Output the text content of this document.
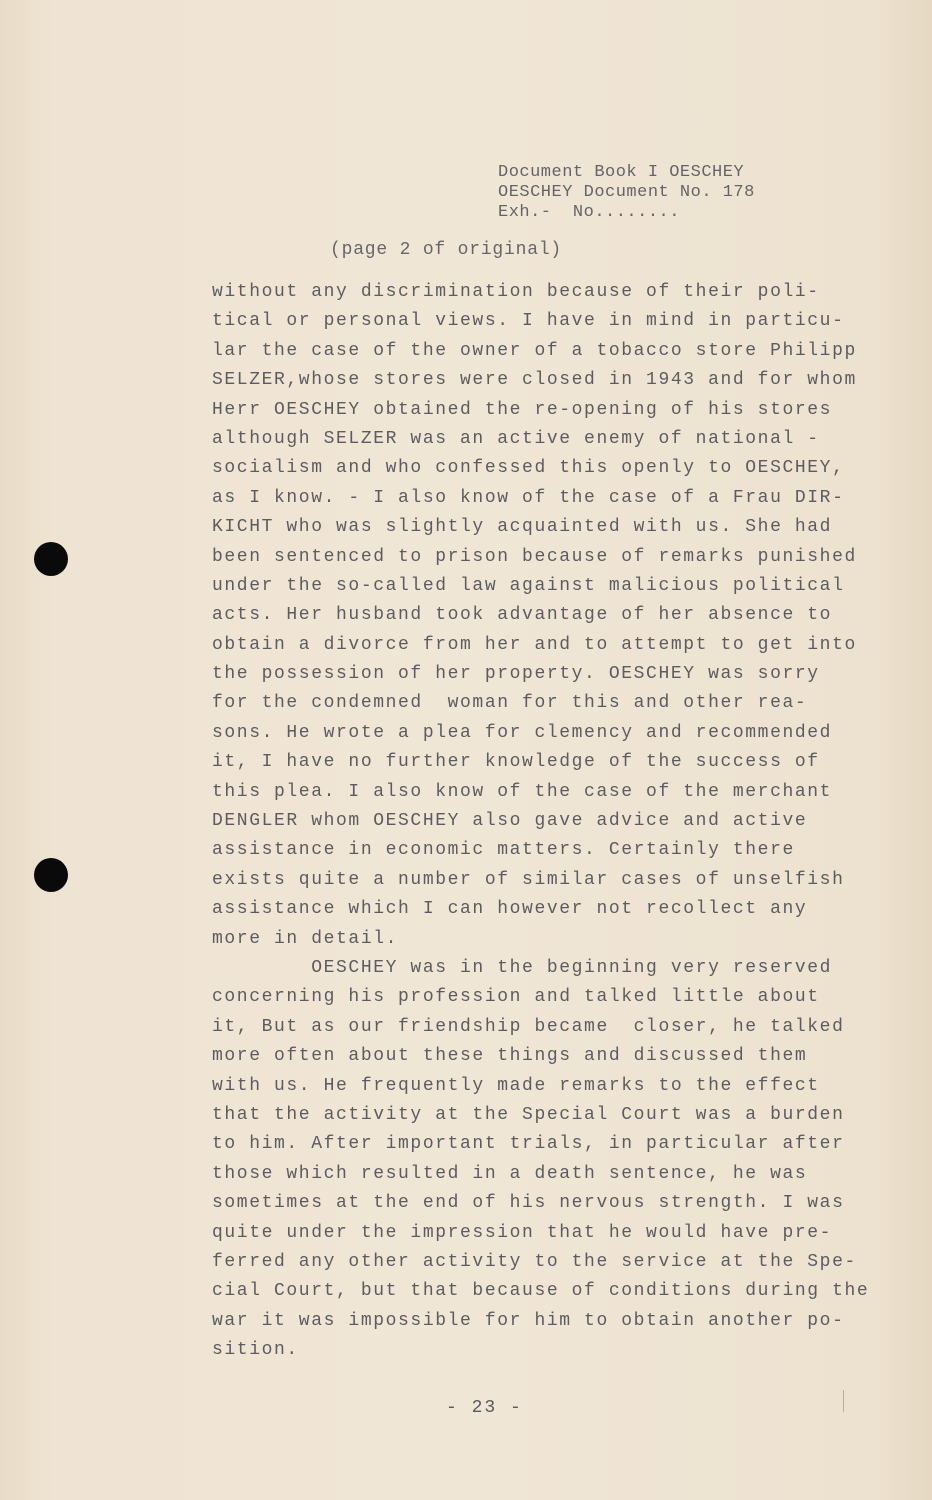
Document Book I OESCHEY
OESCHEY Document No. 178
Exh.-  No........
(page 2 of original)
without any discrimination because of their poli-
tical or personal views. I have in mind in particu-
lar the case of the owner of a tobacco store Philipp
SELZER,whose stores were closed in 1943 and for whom
Herr OESCHEY obtained the re-opening of his stores
although SELZER was an active enemy of national -
socialism and who confessed this openly to OESCHEY,
as I know. - I also know of the case of a Frau DIR-
KICHT who was slightly acquainted with us. She had
been sentenced to prison because of remarks punished
under the so-called law against malicious political
acts. Her husband took advantage of her absence to
obtain a divorce from her and to attempt to get into
the possession of her property. OESCHEY was sorry
for the condemned  woman for this and other rea-
sons. He wrote a plea for clemency and recommended
it, I have no further knowledge of the success of
this plea. I also know of the case of the merchant
DENGLER whom OESCHEY also gave advice and active
assistance in economic matters. Certainly there
exists quite a number of similar cases of unselfish
assistance which I can however not recollect any
more in detail.
OESCHEY was in the beginning very reserved
concerning his profession and talked little about
it, But as our friendship became  closer, he talked
more often about these things and discussed them
with us. He frequently made remarks to the effect
that the activity at the Special Court was a burden
to him. After important trials, in particular after
those which resulted in a death sentence, he was
sometimes at the end of his nervous strength. I was
quite under the impression that he would have pre-
ferred any other activity to the service at the Spe-
cial Court, but that because of conditions during the
war it was impossible for him to obtain another po-
sition.
- 23 -
